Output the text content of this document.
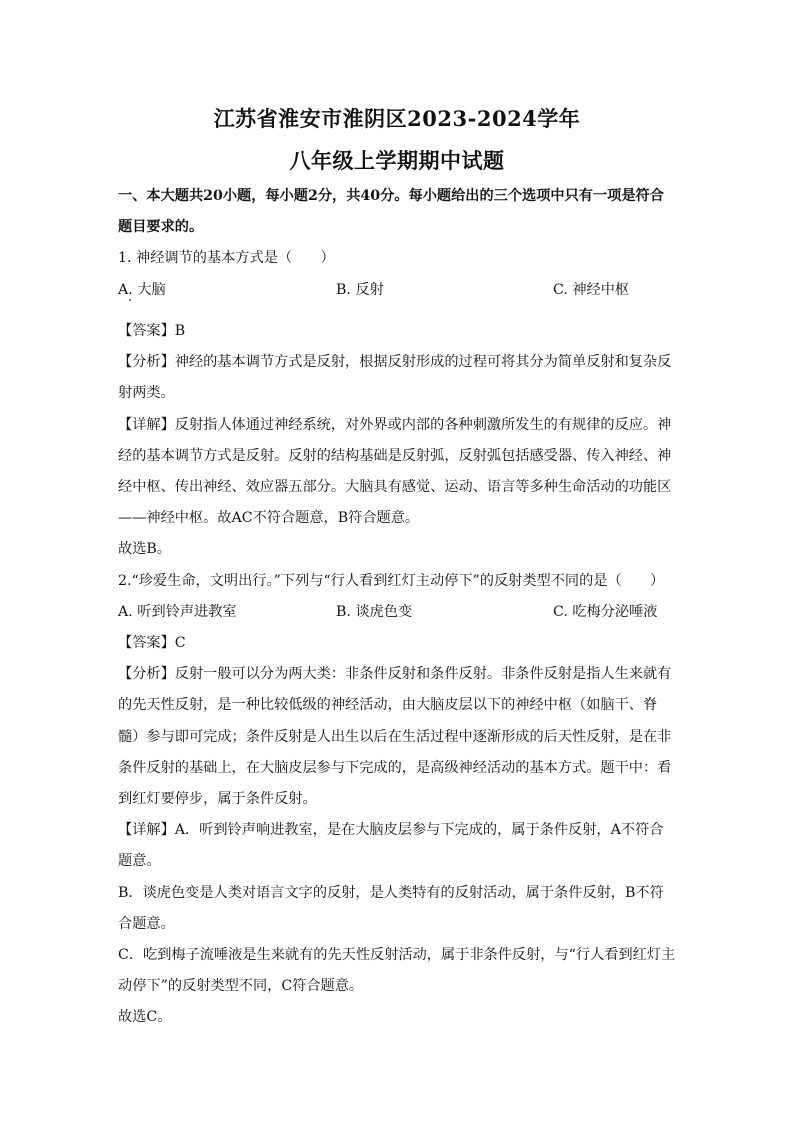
江苏省淮安市淮阴区2023-2024学年
八年级上学期期中试题
一、本大题共20小题，每小题2分，共40分。每小题给出的三个选项中只有一项是符合
题目要求的。
1. 神经调节的基本方式是（　　）
A. 大脑	B. 反射	C. 神经中枢
【答案】B
【分析】神经的基本调节方式是反射，根据反射形成的过程可将其分为简单反射和复杂反
射两类。
【详解】反射指人体通过神经系统，对外界或内部的各种刺激所发生的有规律的反应。神
经的基本调节方式是反射。反射的结构基础是反射弧，反射弧包括感受器、传入神经、神
经中枢、传出神经、效应器五部分。大脑具有感觉、运动、语言等多种生命活动的功能区
——神经中枢。故AC不符合题意，B符合题意。
故选B。
2.“珍爱生命，文明出行。”下列与“行人看到红灯主动停下”的反射类型不同的是（　　）
A. 听到铃声进教室	B. 谈虎色变	C. 吃梅分泌唾液
【答案】C
【分析】反射一般可以分为两大类：非条件反射和条件反射。非条件反射是指人生来就有
的先天性反射，是一种比较低级的神经活动，由大脑皮层以下的神经中枢（如脑干、脊
髓）参与即可完成；条件反射是人出生以后在生活过程中逐渐形成的后天性反射，是在非
条件反射的基础上，在大脑皮层参与下完成的，是高级神经活动的基本方式。题干中：看
到红灯要停步，属于条件反射。
【详解】A．听到铃声响进教室，是在大脑皮层参与下完成的，属于条件反射，A不符合
题意。
B．谈虎色变是人类对语言文字的反射，是人类特有的反射活动，属于条件反射，B不符
合题意。
C．吃到梅子流唾液是生来就有的先天性反射活动，属于非条件反射，与“行人看到红灯主
动停下”的反射类型不同，C符合题意。
故选C。
